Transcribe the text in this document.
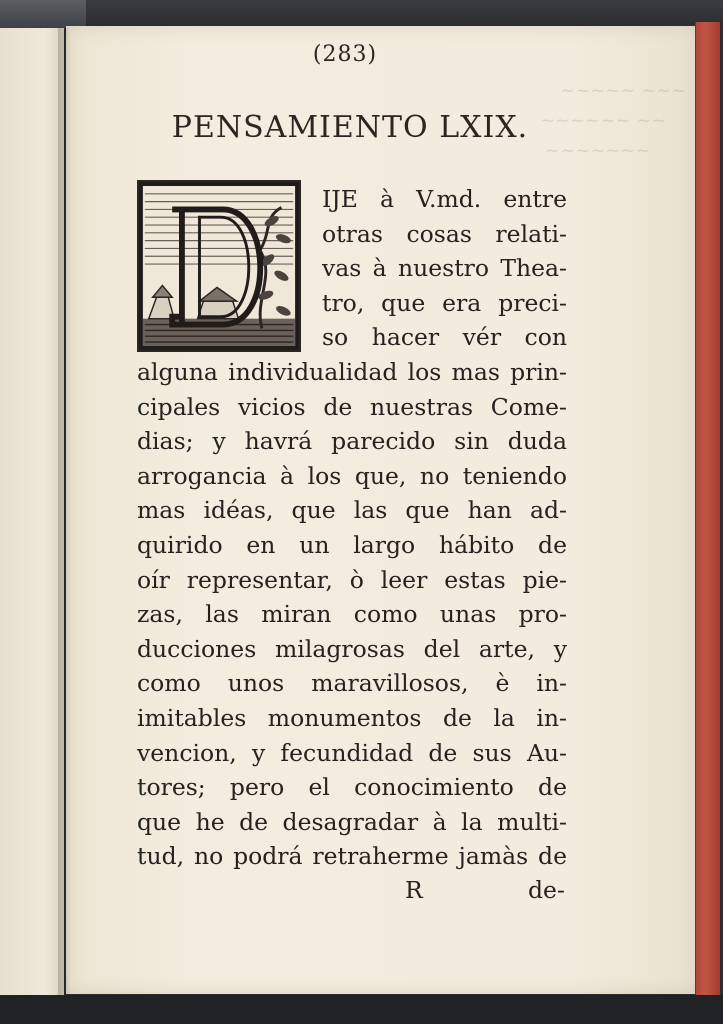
~~~~~ ~~~
~~~~~~ ~~
~~~~~~~
(283)
PENSAMIENTO LXIX.
IJE à V.md. entre
otras cosas relati-
vas à nuestro Thea-
tro, que era preci-
so hacer vér con
alguna individualidad los mas prin-
cipales vicios de nuestras Come-
dias; y havrá parecido sin duda
arrogancia à los que, no teniendo
mas idéas, que las que han ad-
quirido en un largo hábito de
oír representar, ò leer estas pie-
zas, las miran como unas pro-
ducciones milagrosas del arte, y
como unos maravillosos, è in-
imitables monumentos de la in-
vencion, y fecundidad de sus Au-
tores; pero el conocimiento de
que he de desagradar à la multi-
tud, no podrá retraherme jamàs de
R	de-
